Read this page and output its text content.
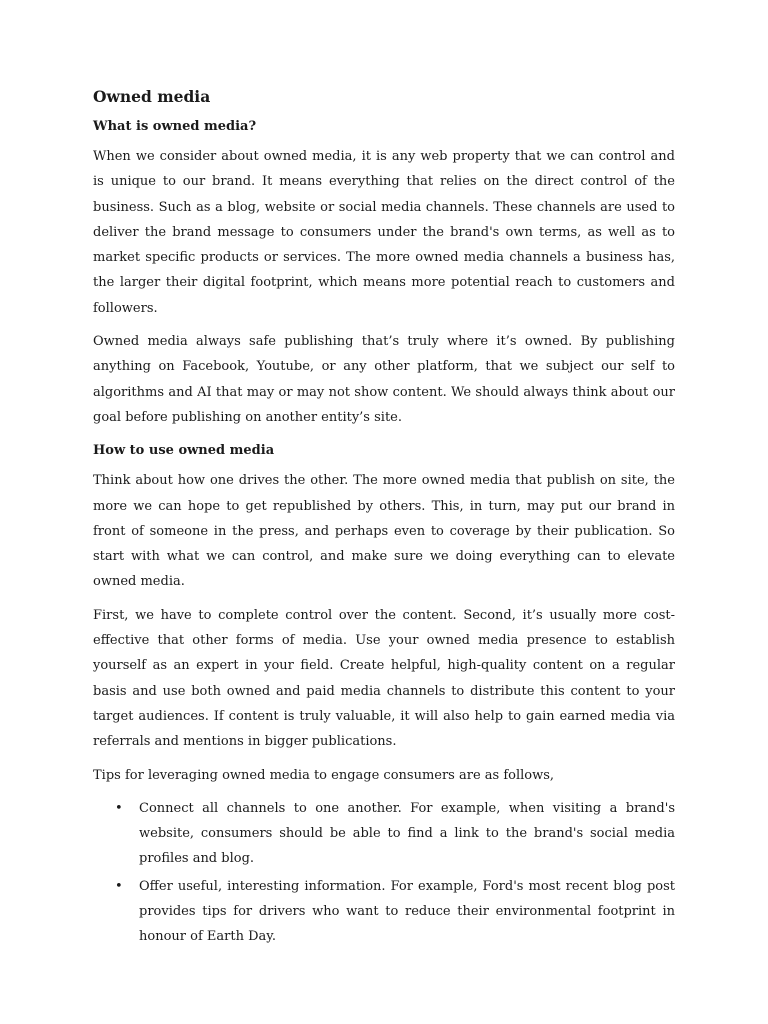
Owned media
What is owned media?

When we consider about owned media, it is any web property that we can control and is unique to our brand. It means everything that relies on the direct control of the business. Such as a blog, website or social media channels. These channels are used to deliver the brand message to consumers under the brand's own terms, as well as to market specific products or services. The more owned media channels a business has, the larger their digital footprint, which means more potential reach to customers and followers.

Owned media always safe publishing that’s truly where it’s owned. By publishing anything on Facebook, Youtube, or any other platform, that we subject our self to algorithms and AI that may or may not show content. We should always think about our goal before publishing on another entity’s site.

How to use owned media

Think about how one drives the other. The more owned media that publish on site, the more we can hope to get republished by others. This, in turn, may put our brand in front of someone in the press, and perhaps even to coverage by their publication. So start with what we can control, and make sure we doing everything can to elevate owned media.

First, we have to complete control over the content. Second, it’s usually more cost-effective that other forms of media. Use your owned media presence to establish yourself as an expert in your field. Create helpful, high-quality content on a regular basis and use both owned and paid media channels to distribute this content to your target audiences. If content is truly valuable, it will also help to gain earned media via referrals and mentions in bigger publications.

Tips for leveraging owned media to engage consumers are as follows,

• Connect all channels to one another. For example, when visiting a brand's website, consumers should be able to find a link to the brand's social media profiles and blog.
• Offer useful, interesting information. For example, Ford's most recent blog post provides tips for drivers who want to reduce their environmental footprint in honour of Earth Day.
